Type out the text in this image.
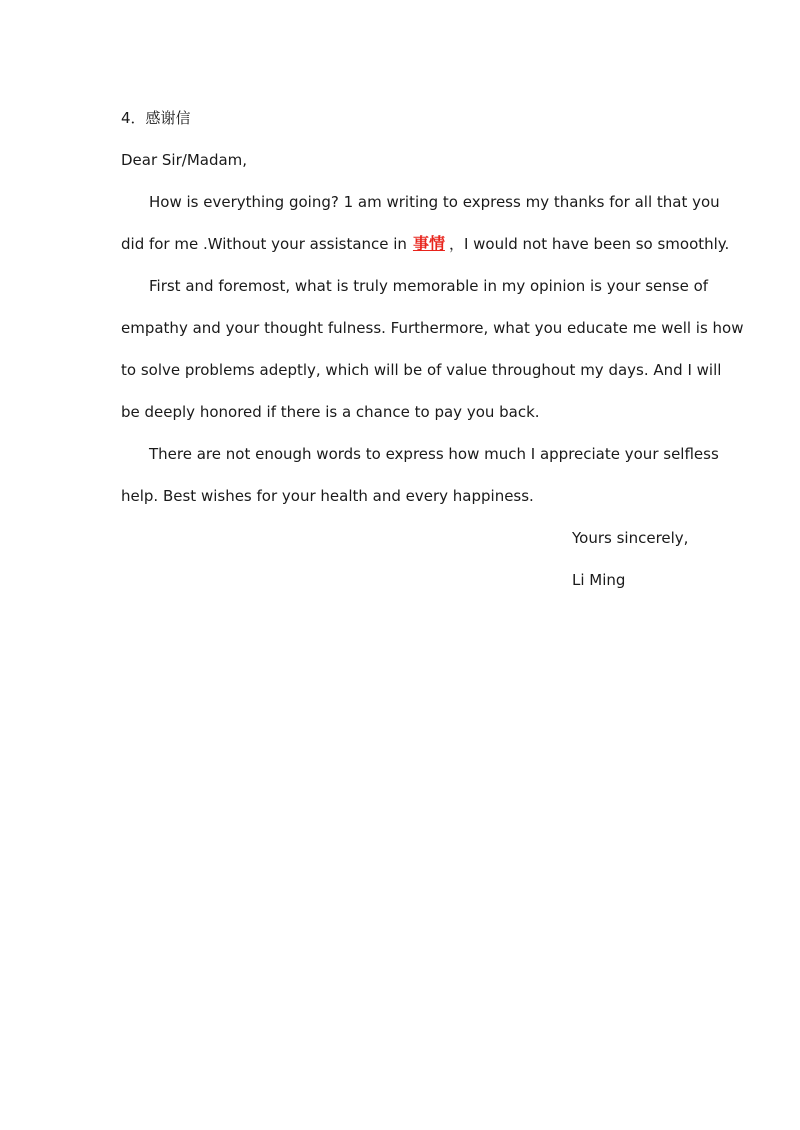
4．感谢信

Dear Sir/Madam,

How is everything going? 1 am writing to express my thanks for all that you

did for me .Without your assistance in 事情 ，I would not have been so smoothly.

First and foremost, what is truly memorable in my opinion is your sense of

empathy and your thought fulness. Furthermore, what you educate me well is how

to solve problems adeptly, which will be of value throughout my days. And I will

be deeply honored if there is a chance to pay you back.

There are not enough words to express how much I appreciate your selfless

help. Best wishes for your health and every happiness.

Yours sincerely,

Li Ming
